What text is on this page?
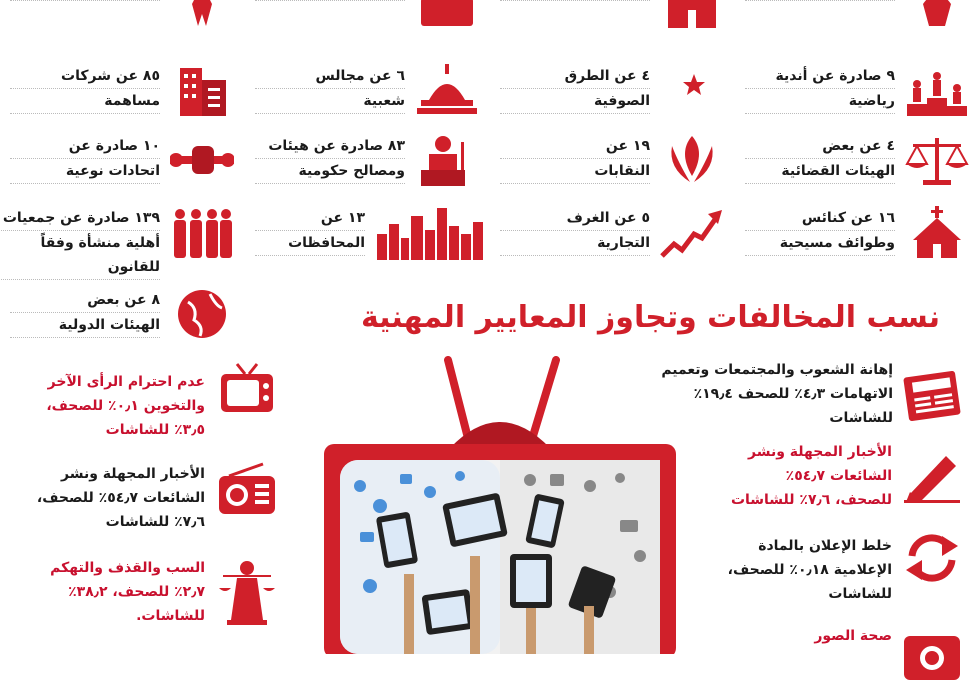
٨٥ عن شركات
مساهمة
٦ عن مجالس
شعبية
٤ عن الطرق
الصوفية
٩ صادرة عن أندية
رياضية
١٠ صادرة عن
اتحادات نوعية
٨٣ صادرة عن هيئات
ومصالح حكومية
١٩ عن
النقابات
٤ عن بعض
الهيئات القضائية
١٣٩ صادرة عن جمعيات
أهلية منشأة وفقاً للقانون
١٣ عن
المحافظات
٥ عن الغرف
التجارية
١٦ عن كنائس
وطوائف مسيحية
٨ عن بعض
الهيئات الدولية	نسب المخالفات وتجاوز المعايير المهنية
عدم احترام الرأى الآخر
والتخوين ٠٫١٪ للصحف،
٣٫٥٪ للشاشات
الأخبار المجهلة ونشر
الشائعات ٥٤٫٧٪ للصحف،
٧٫٦٪ للشاشات
السب والقذف والتهكم
٢٫٧٪ للصحف، ٣٨٫٢٪
للشاشات.
إهانة الشعوب والمجتمعات وتعميم
الاتهامات ٤٫٣٪ للصحف ١٩٫٤٪
للشاشات
الأخبار المجهلة ونشر
الشائعات ٥٤٫٧٪
للصحف، ٧٫٦٪ للشاشات
خلط الإعلان بالمادة
الإعلامية ٠٫١٨٪ للصحف،
للشاشات
صحة الصور
